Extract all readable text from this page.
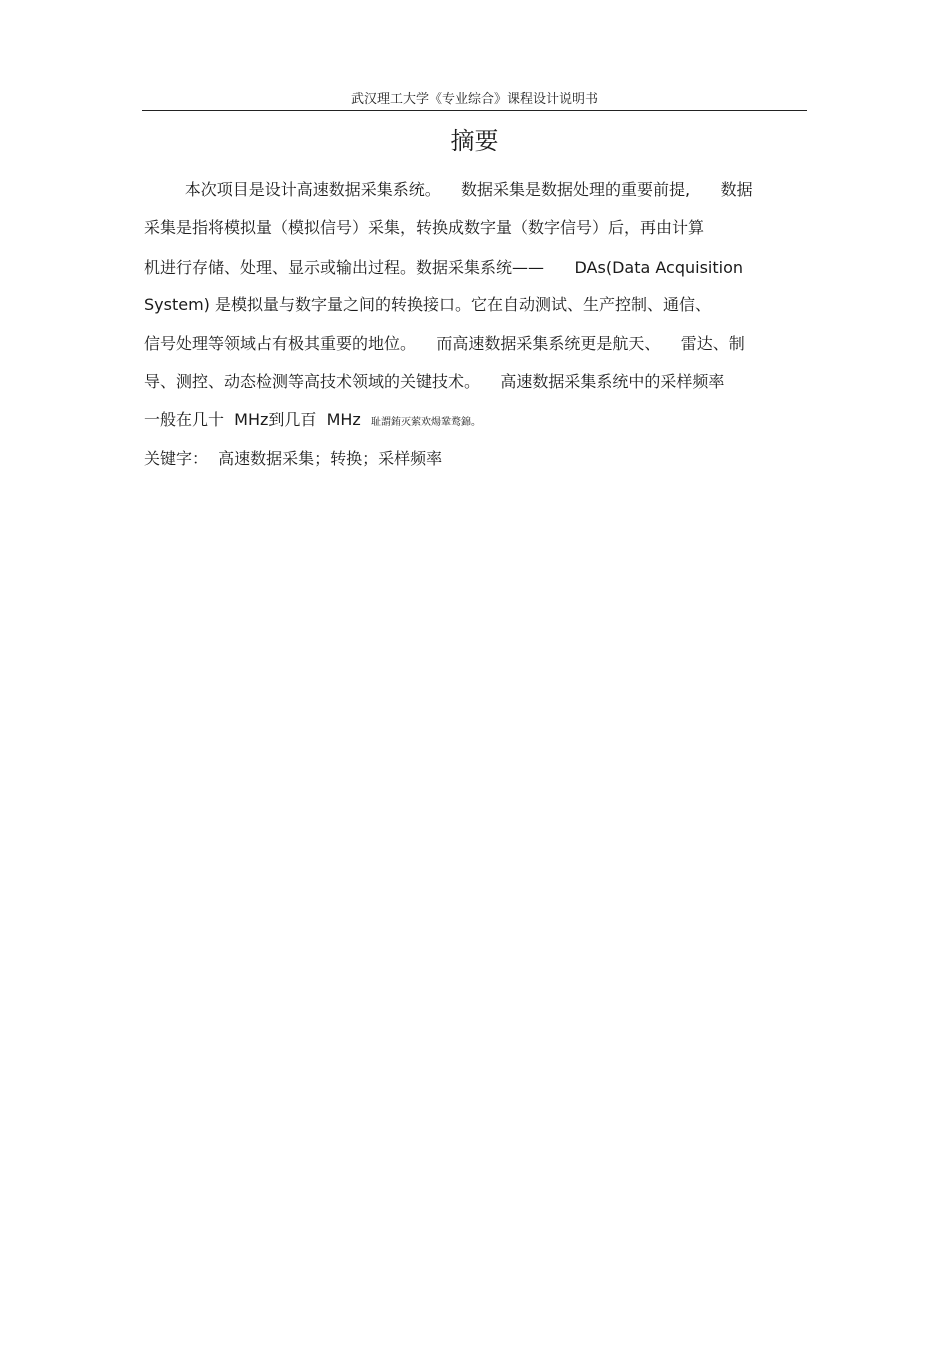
武汉理工大学《专业综合》课程设计说明书
摘要
本次项目是设计高速数据采集系统。    数据采集是数据处理的重要前提,      数据
采集是指将模拟量（模拟信号）采集，转换成数字量（数字信号）后，再由计算
机进行存储、处理、显示或输出过程。数据采集系统——      DAs(Data Acquisition
System) 是模拟量与数字量之间的转换接口。它在自动测试、生产控制、通信、
信号处理等领域占有极其重要的地位。    而高速数据采集系统更是航天、    雷达、制
导、测控、动态检测等高技术领域的关键技术。    高速数据采集系统中的采样频率
一般在几十  MHz到几百  MHz  耻謂銪灭萦欢煬鞏鹜錦。
关键字：  高速数据采集；转换；采样频率
